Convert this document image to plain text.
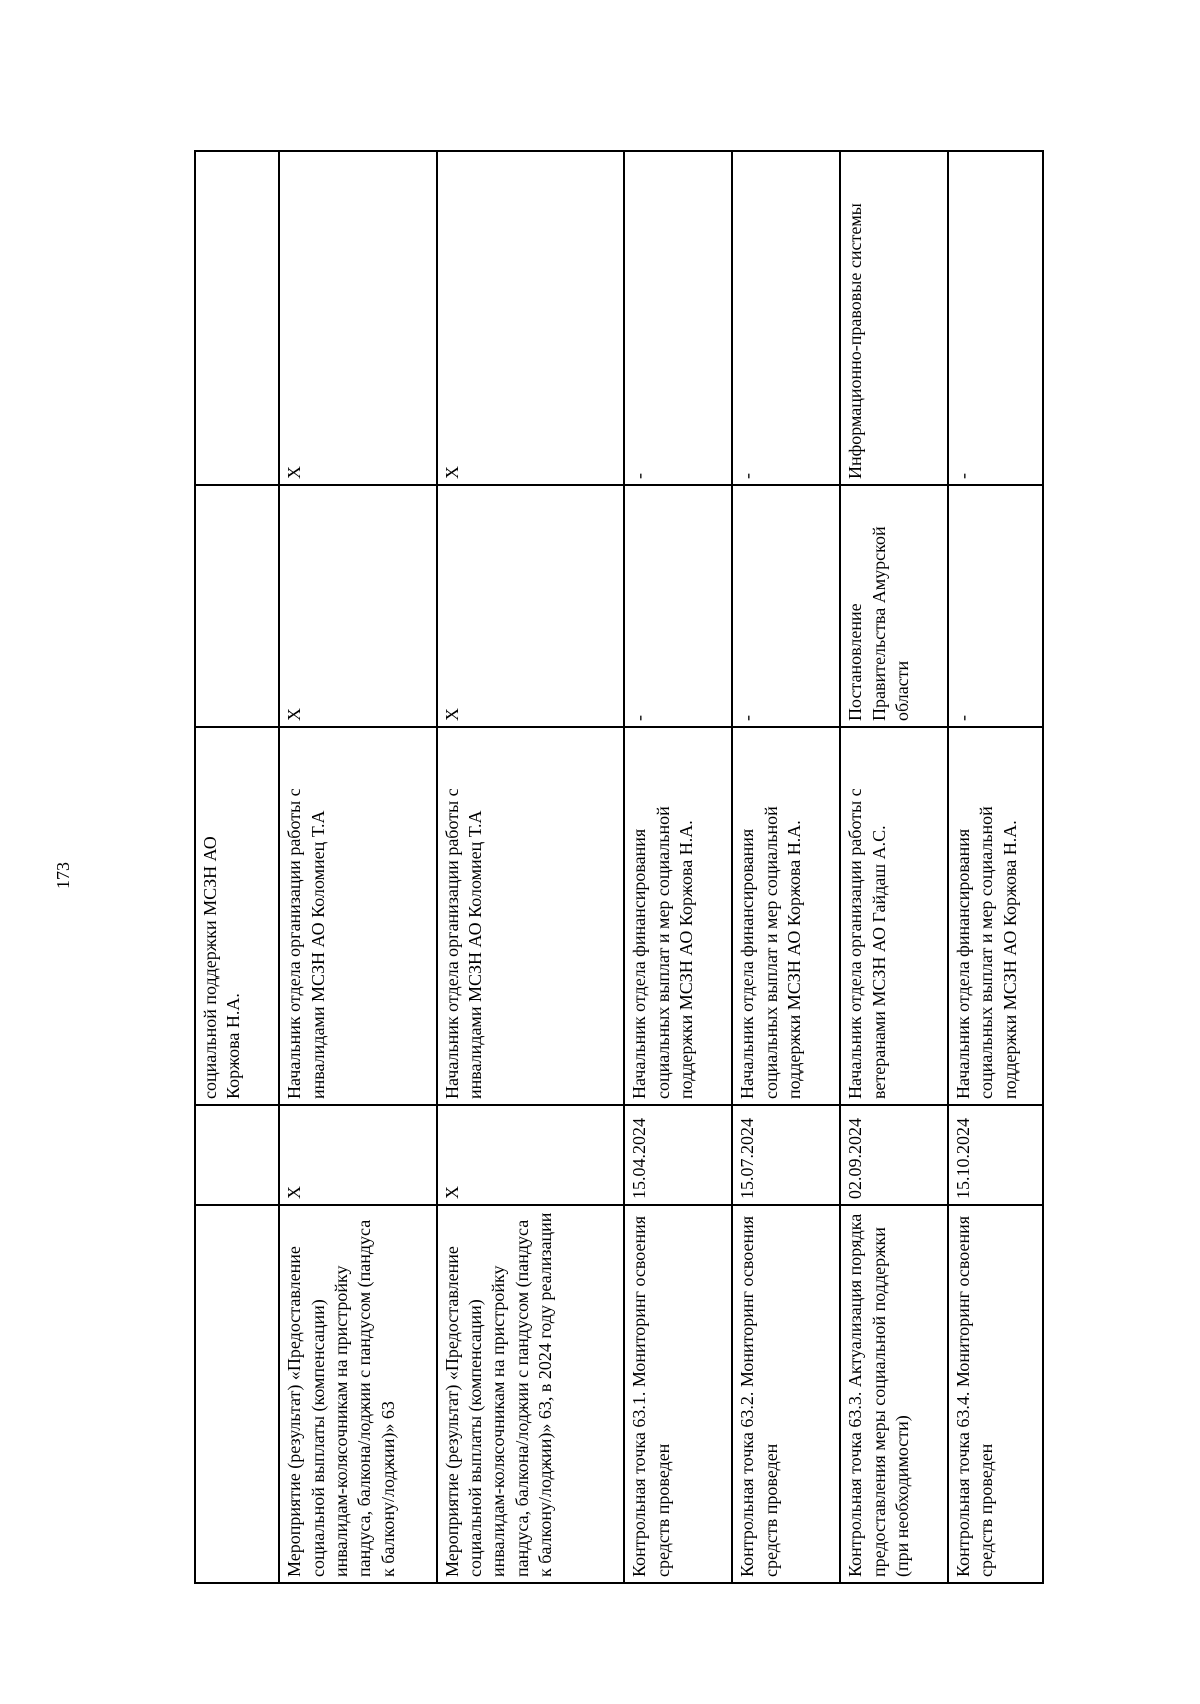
173
		социальной поддержки МСЗН АО
Коржова Н.А.		
Мероприятие (результат) «Предоставление социальной выплаты (компенсации) инвалидам-колясочникам на пристройку пандуса, балкона/лоджии с пандусом (пандуса к балкону/лоджии)» 63	X	Начальник отдела организации работы с инвалидами МСЗН АО Коломиец Т.А	X	X
Мероприятие (результат) «Предоставление социальной выплаты (компенсации) инвалидам-колясочникам на пристройку пандуса, балкона/лоджии с пандусом (пандуса к балкону/лоджии)» 63, в 2024 году реализации	X	Начальник отдела организации работы с инвалидами МСЗН АО Коломиец Т.А	X	X
Контрольная точка 63.1. Мониторинг освоения средств проведен	15.04.2024	Начальник отдела финансирования социальных выплат и мер социальной поддержки МСЗН АО Коржова Н.А.	-	-
Контрольная точка 63.2. Мониторинг освоения средств проведен	15.07.2024	Начальник отдела финансирования социальных выплат и мер социальной поддержки МСЗН АО Коржова Н.А.	-	-
Контрольная точка 63.3. Актуализация порядка предоставления меры социальной поддержки (при необходимости)	02.09.2024	Начальник отдела организации работы с ветеранами МСЗН АО Гайдаш А.С.	Постановление Правительства Амурской области	Информационно-правовые системы
Контрольная точка 63.4. Мониторинг освоения средств проведен	15.10.2024	Начальник отдела финансирования социальных выплат и мер социальной поддержки МСЗН АО Коржова Н.А.	-	-
